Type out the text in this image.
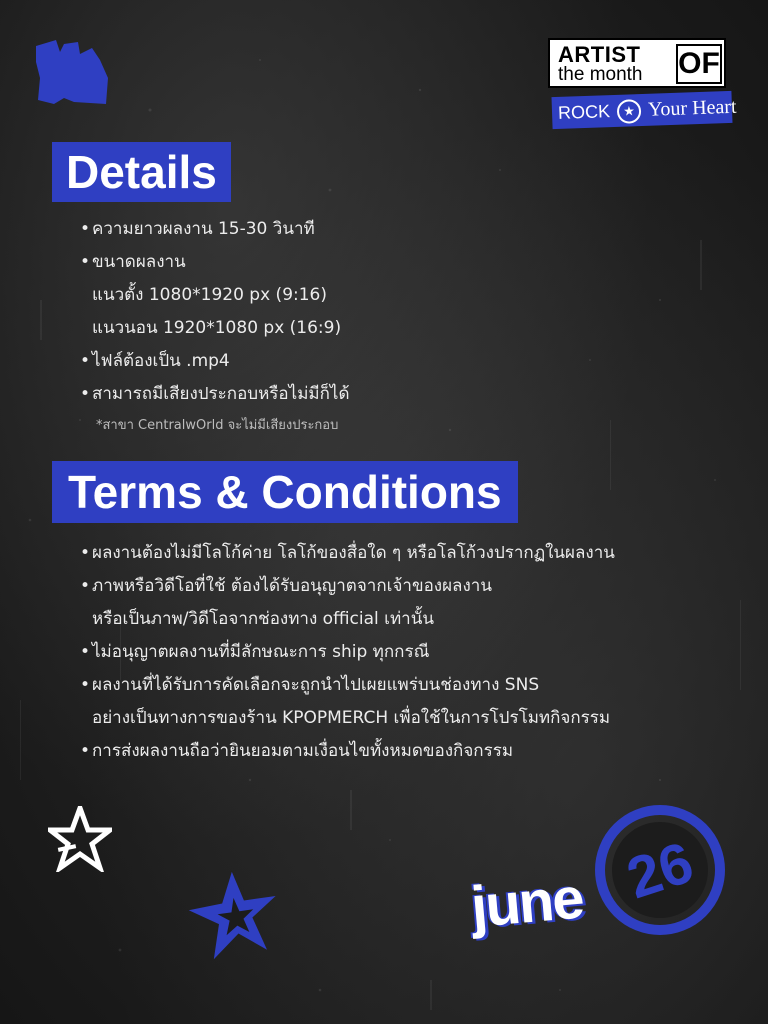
ARTIST
the month OF
ROCK ★ Your Heart
Details
• ความยาวผลงาน 15-30 วินาที
• ขนาดผลงาน
แนวตั้ง 1080*1920 px (9:16)
แนวนอน 1920*1080 px (16:9)
• ไฟล์ต้องเป็น .mp4
• สามารถมีเสียงประกอบหรือไม่มีก็ได้
*สาขา CentralwOrld จะไม่มีเสียงประกอบ
Terms & Conditions
• ผลงานต้องไม่มีโลโก้ค่าย โลโก้ของสื่อใด ๆ หรือโลโก้วงปรากฏในผลงาน
• ภาพหรือวิดีโอที่ใช้ ต้องได้รับอนุญาตจากเจ้าของผลงาน
หรือเป็นภาพ/วิดีโอจากช่องทาง official เท่านั้น
• ไม่อนุญาตผลงานที่มีลักษณะการ ship ทุกกรณี
• ผลงานที่ได้รับการคัดเลือกจะถูกนำไปเผยแพร่บนช่องทาง SNS
อย่างเป็นทางการของร้าน KPOPMERCH เพื่อใช้ในการโปรโมทกิจกรรม
• การส่งผลงานถือว่ายินยอมตามเงื่อนไขทั้งหมดของกิจกรรม
june 26
